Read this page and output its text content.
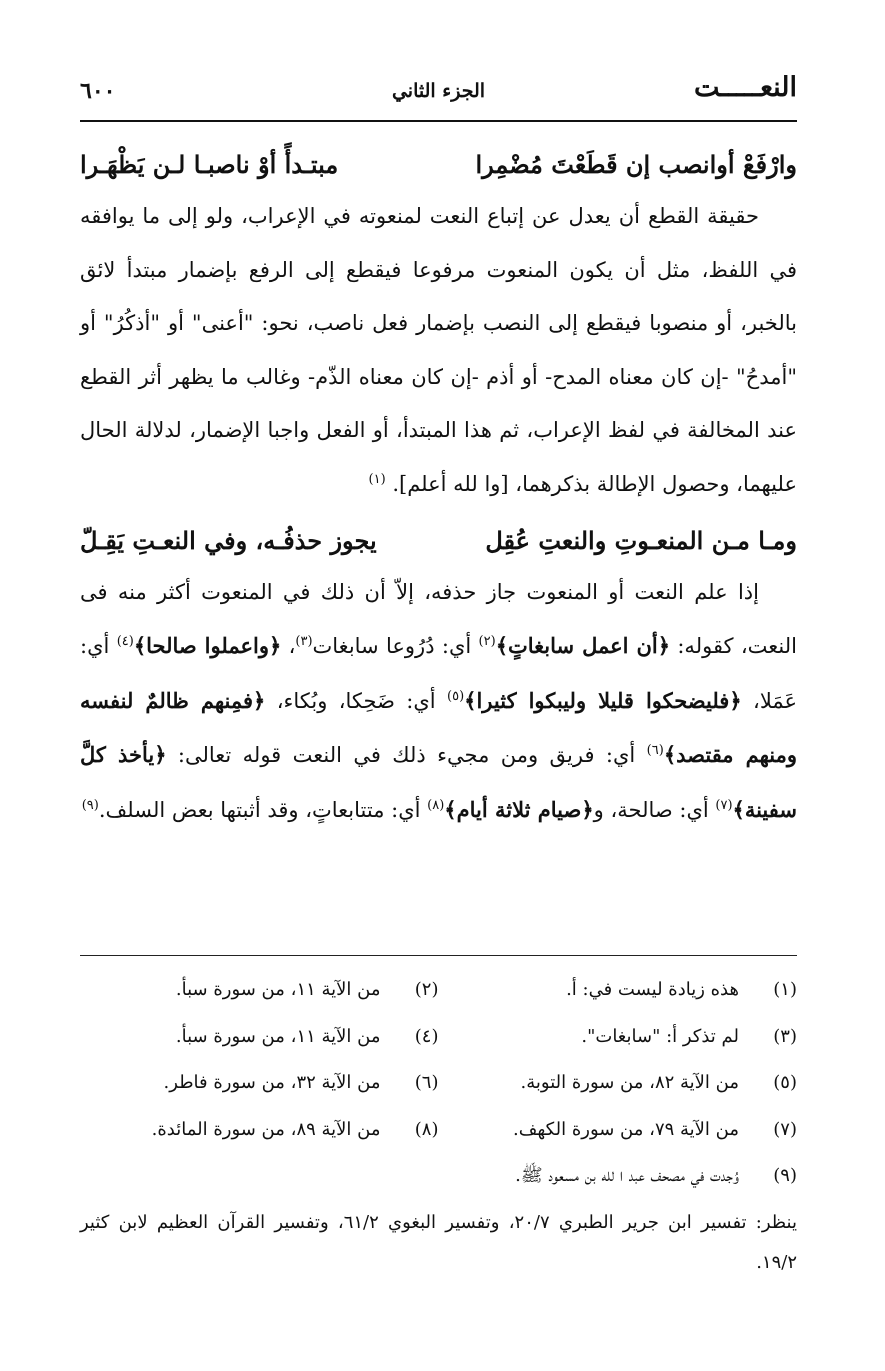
النعـــــت
الجزء الثاني
٦٠٠
وارْفَعْ أوانصب إن قَطَعْتَ مُضْمِرا
مبتـدأً أوْ ناصبـا لـن يَظْهَـرا

حقيقة القطع أن يعدل عن إتباع النعت لمنعوته في الإعراب، ولو إلى ما يوافقه في اللفظ، مثل أن يكون المنعوت مرفوعا فيقطع إلى الرفع بإضمار مبتدأ لائق بالخبر، أو منصوبا فيقطع إلى النصب بإضمار فعل ناصب، نحو: "أعنى" أو "أذكُرُ" أو "أمدحُ" -إن كان معناه المدح- أو أذم -إن كان معناه الذّم- وغالب ما يظهر أثر القطع عند المخالفة في لفظ الإعراب، ثم هذا المبتدأ، أو الفعل واجبا الإضمار، لدلالة الحال عليهما، وحصول الإطالة بذكرهما، [وا لله أعلم]. $^{(١)}$

ومـا مـن المنعـوتِ والنعتِ عُقِل
يجوز حذفُـه، وفي النعـتِ يَقِـلّ

إذا علم النعت أو المنعوت جاز حذفه، إلاّ أن ذلك في المنعوت أكثر منه فى النعت، كقوله: ﴿أن اعمل سابغاتٍ﴾$^{(٢)}$ أي: دُرُوعا سابغات$^{(٣)}$، ﴿واعملوا صالحا﴾$^{(٤)}$ أي: عَمَلا، ﴿فليضحكوا قليلا وليبكوا كثيرا﴾$^{(٥)}$ أي: ضَحِكا، وبُكاء، ﴿فمِنهم ظالمٌ لنفسه ومنهم مقتصد﴾$^{(٦)}$ أي: فريق ومن مجيء ذلك في النعت قوله تعالى: ﴿يأخذ كلَّ سفينة﴾$^{(٧)}$ أي: صالحة، و﴿صيام ثلاثة أيام﴾$^{(٨)}$ أي: متتابعاتٍ، وقد أثبتها بعض السلف.$^{(٩)}$

(١)
هذه زيادة ليست في: أ.
(٢)
من الآية ١١، من سورة سبأ.
(٣)
لم تذكر أ: "سابغات".
(٤)
من الآية ١١، من سورة سبأ.
(٥)
من الآية ٨٢، من سورة التوبة.
(٦)
من الآية ٣٢، من سورة فاطر.
(٧)
من الآية ٧٩، من سورة الكهف.
(٨)
من الآية ٨٩، من سورة المائدة.
(٩)
وُجدت في مصحف عبد ا لله بن مسعود ﷺ.

ينظر: تفسير ابن جرير الطبري ٢٠/٧، وتفسير البغوي ٦١/٢، وتفسير القرآن العظيم لابن كثير ١٩/٢.
